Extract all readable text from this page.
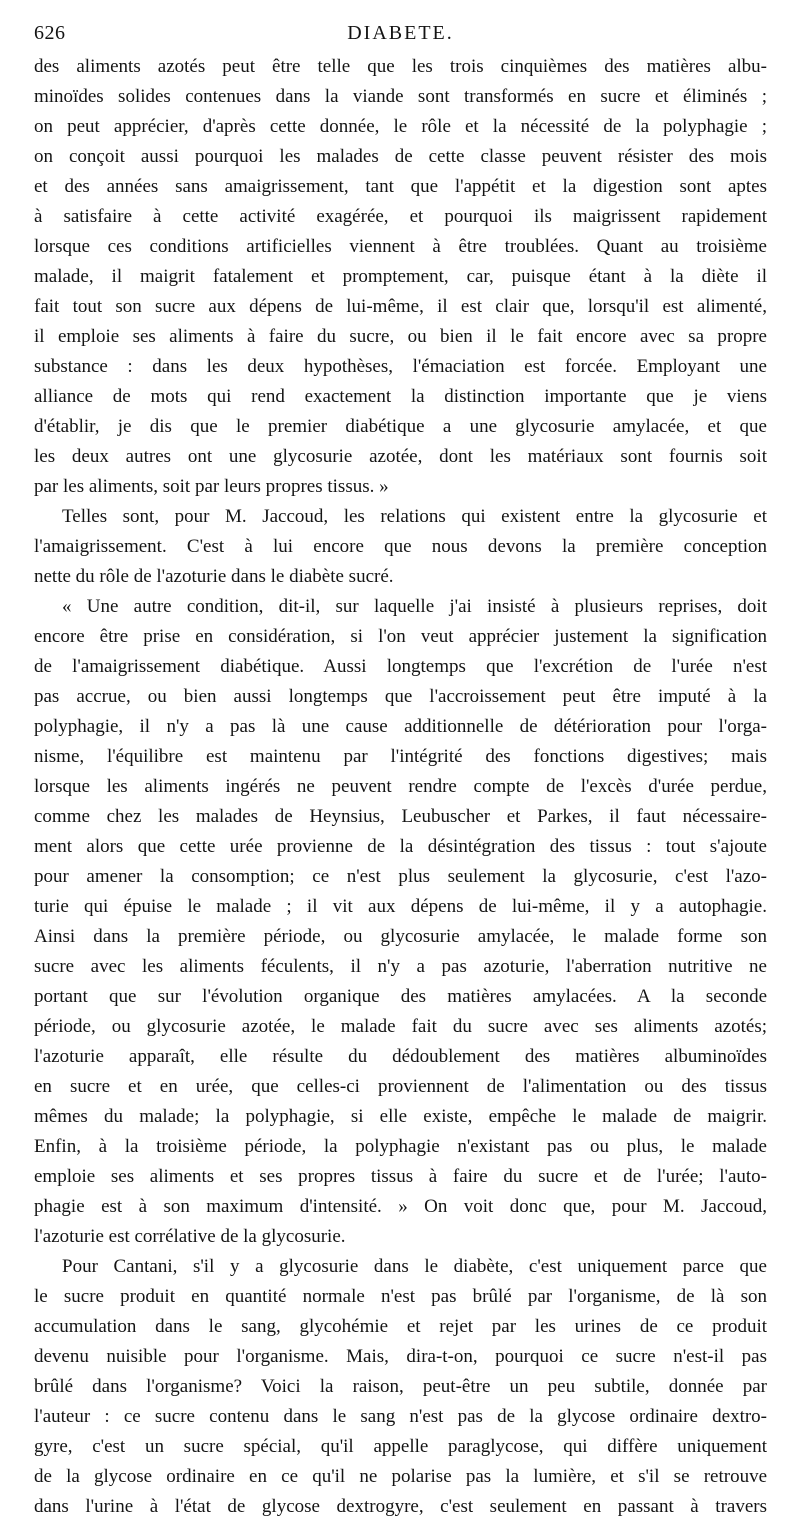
626	DIABETE.
des aliments azotés peut être telle que les trois cinquièmes des matières albu-
minoïdes solides contenues dans la viande sont transformés en sucre et éliminés ;
on peut apprécier, d'après cette donnée, le rôle et la nécessité de la polyphagie ;
on conçoit aussi pourquoi les malades de cette classe peuvent résister des mois
et des années sans amaigrissement, tant que l'appétit et la digestion sont aptes
à satisfaire à cette activité exagérée, et pourquoi ils maigrissent rapidement
lorsque ces conditions artificielles viennent à être troublées. Quant au troisième
malade, il maigrit fatalement et promptement, car, puisque étant à la diète il
fait tout son sucre aux dépens de lui-même, il est clair que, lorsqu'il est alimenté,
il emploie ses aliments à faire du sucre, ou bien il le fait encore avec sa propre
substance : dans les deux hypothèses, l'émaciation est forcée. Employant une
alliance de mots qui rend exactement la distinction importante que je viens
d'établir, je dis que le premier diabétique a une glycosurie amylacée, et que
les deux autres ont une glycosurie azotée, dont les matériaux sont fournis soit
par les aliments, soit par leurs propres tissus. »
Telles sont, pour M. Jaccoud, les relations qui existent entre la glycosurie et
l'amaigrissement. C'est à lui encore que nous devons la première conception
nette du rôle de l'azoturie dans le diabète sucré.
« Une autre condition, dit-il, sur laquelle j'ai insisté à plusieurs reprises, doit
encore être prise en considération, si l'on veut apprécier justement la signification
de l'amaigrissement diabétique. Aussi longtemps que l'excrétion de l'urée n'est
pas accrue, ou bien aussi longtemps que l'accroissement peut être imputé à la
polyphagie, il n'y a pas là une cause additionnelle de détérioration pour l'orga-
nisme, l'équilibre est maintenu par l'intégrité des fonctions digestives; mais
lorsque les aliments ingérés ne peuvent rendre compte de l'excès d'urée perdue,
comme chez les malades de Heynsius, Leubuscher et Parkes, il faut nécessaire-
ment alors que cette urée provienne de la désintégration des tissus : tout s'ajoute
pour amener la consomption; ce n'est plus seulement la glycosurie, c'est l'azo-
turie qui épuise le malade ; il vit aux dépens de lui-même, il y a autophagie.
Ainsi dans la première période, ou glycosurie amylacée, le malade forme son
sucre avec les aliments féculents, il n'y a pas azoturie, l'aberration nutritive ne
portant que sur l'évolution organique des matières amylacées. A la seconde
période, ou glycosurie azotée, le malade fait du sucre avec ses aliments azotés;
l'azoturie apparaît, elle résulte du dédoublement des matières albuminoïdes
en sucre et en urée, que celles-ci proviennent de l'alimentation ou des tissus
mêmes du malade; la polyphagie, si elle existe, empêche le malade de maigrir.
Enfin, à la troisième période, la polyphagie n'existant pas ou plus, le malade
emploie ses aliments et ses propres tissus à faire du sucre et de l'urée; l'auto-
phagie est à son maximum d'intensité. » On voit donc que, pour M. Jaccoud,
l'azoturie est corrélative de la glycosurie.
Pour Cantani, s'il y a glycosurie dans le diabète, c'est uniquement parce que
le sucre produit en quantité normale n'est pas brûlé par l'organisme, de là son
accumulation dans le sang, glycohémie et rejet par les urines de ce produit
devenu nuisible pour l'organisme. Mais, dira-t-on, pourquoi ce sucre n'est-il pas
brûlé dans l'organisme? Voici la raison, peut-être un peu subtile, donnée par
l'auteur : ce sucre contenu dans le sang n'est pas de la glycose ordinaire dextro-
gyre, c'est un sucre spécial, qu'il appelle paraglycose, qui diffère uniquement
de la glycose ordinaire en ce qu'il ne polarise pas la lumière, et s'il se retrouve
dans l'urine à l'état de glycose dextrogyre, c'est seulement en passant à travers
